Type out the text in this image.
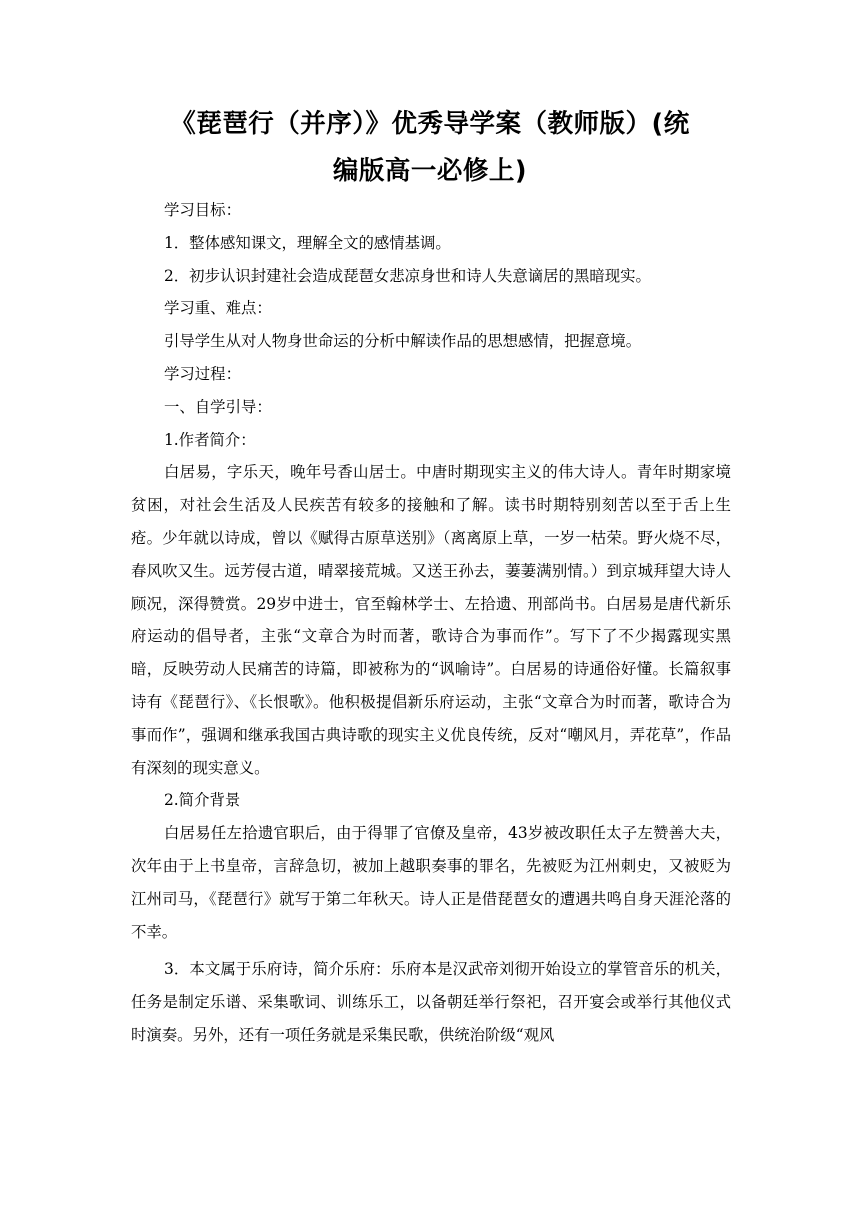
《琵琶行（并序）》优秀导学案（教师版）(统
编版高一必修上)

学习目标：

1．整体感知课文，理解全文的感情基调。

2．初步认识封建社会造成琵琶女悲凉身世和诗人失意谪居的黑暗现实。

学习重、难点：

引导学生从对人物身世命运的分析中解读作品的思想感情，把握意境。

学习过程：

一、自学引导：

1.作者简介：

白居易，字乐天，晚年号香山居士。中唐时期现实主义的伟大诗人。青年时期家境贫困，对社会生活及人民疾苦有较多的接触和了解。读书时期特别刻苦以至于舌上生疮。少年就以诗成，曾以《赋得古原草送别》（离离原上草，一岁一枯荣。野火烧不尽，春风吹又生。远芳侵古道，晴翠接荒城。又送王孙去，萋萋满别情。）到京城拜望大诗人顾况，深得赞赏。29岁中进士，官至翰林学士、左拾遗、刑部尚书。白居易是唐代新乐府运动的倡导者，主张“文章合为时而著，歌诗合为事而作”。写下了不少揭露现实黑暗，反映劳动人民痛苦的诗篇，即被称为的“讽喻诗”。白居易的诗通俗好懂。长篇叙事诗有《琵琶行》、《长恨歌》。他积极提倡新乐府运动，主张“文章合为时而著，歌诗合为事而作”，强调和继承我国古典诗歌的现实主义优良传统，反对“嘲风月，弄花草”，作品有深刻的现实意义。

2.简介背景

白居易任左拾遗官职后，由于得罪了官僚及皇帝，43岁被改职任太子左赞善大夫，次年由于上书皇帝，言辞急切，被加上越职奏事的罪名，先被贬为江州刺史，又被贬为江州司马，《琵琶行》就写于第二年秋天。诗人正是借琵琶女的遭遇共鸣自身天涯沦落的不幸。

3．本文属于乐府诗，简介乐府：乐府本是汉武帝刘彻开始设立的掌管音乐的机关，任务是制定乐谱、采集歌词、训练乐工，以备朝廷举行祭祀，召开宴会或举行其他仪式时演奏。另外，还有一项任务就是采集民歌，供统治阶级“观风
